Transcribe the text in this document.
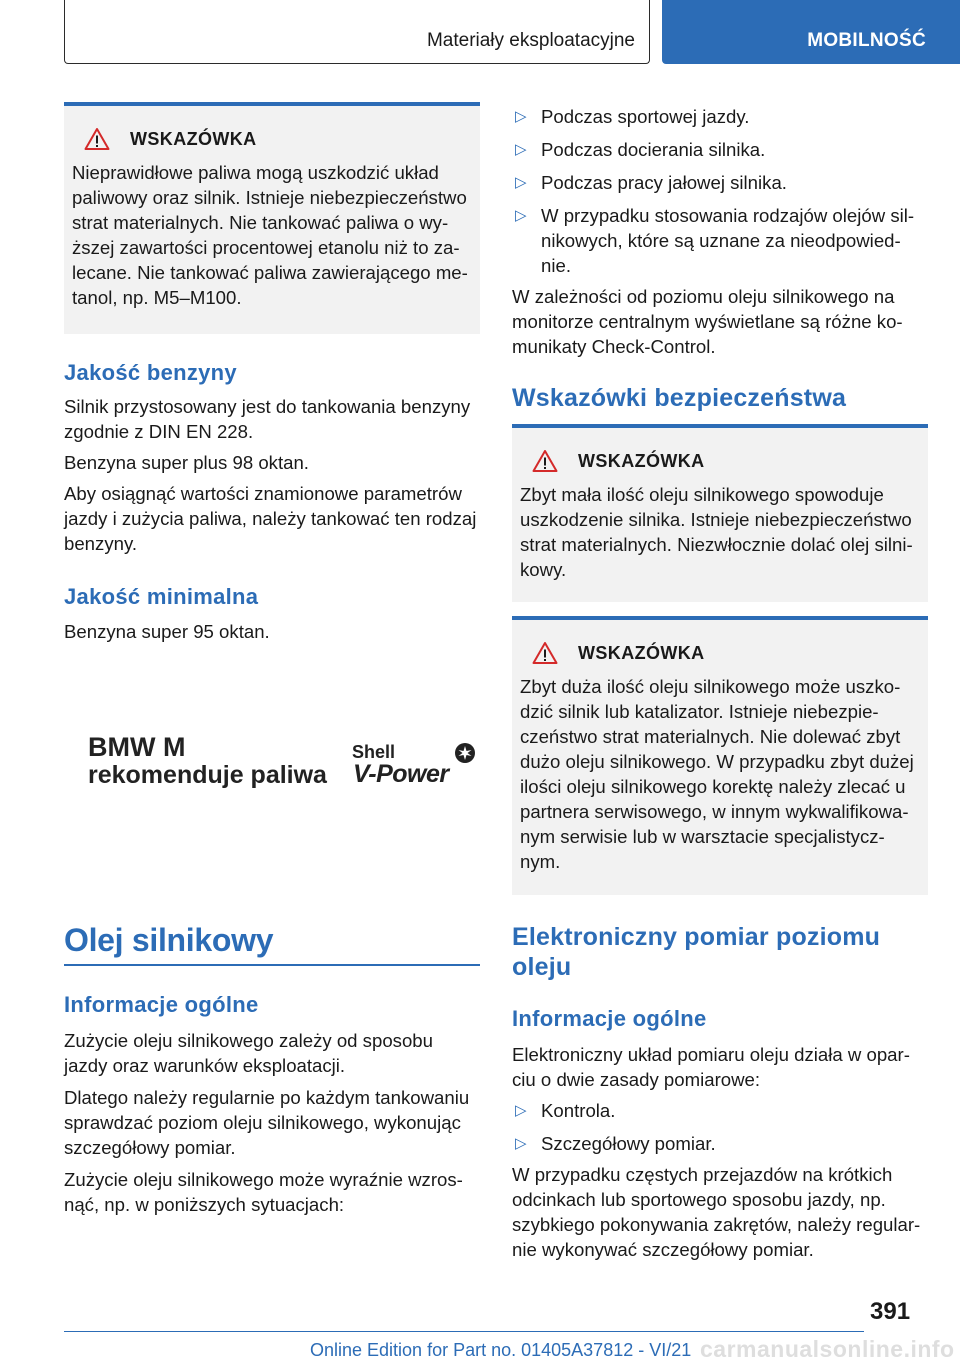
Materiały eksploatacyjne	MOBILNOŚĆ
WSKAZÓWKA

Nieprawidłowe paliwa mogą uszkodzić układ paliwowy oraz silnik. Istnieje niebezpieczeństwo strat materialnych. Nie tankować paliwa o wy-ższej zawartości procentowej etanolu niż to za-lecane. Nie tankować paliwa zawierającego me-tanol, np. M5–M100.

Jakość benzyny

Silnik przystosowany jest do tankowania benzyny zgodnie z DIN EN 228.

Benzyna super plus 98 oktan.

Aby osiągnąć wartości znamionowe parametrów jazdy i zużycia paliwa, należy tankować ten rodzaj benzyny.

Jakość minimalna

Benzyna super 95 oktan.

BMW M
rekomenduje paliwa
Shell
V-Power
Olej silnikowy
Informacje ogólne

Zużycie oleju silnikowego zależy od sposobu jazdy oraz warunków eksploatacji.

Dlatego należy regularnie po każdym tankowaniu sprawdzać poziom oleju silnikowego, wykonując szczegółowy pomiar.

Zużycie oleju silnikowego może wyraźnie wzros-nąć, np. w poniższych sytuacjach:

▷ Podczas sportowej jazdy.
▷ Podczas docierania silnika.
▷ Podczas pracy jałowej silnika.
▷ W przypadku stosowania rodzajów olejów sil-nikowych, które są uznane za nieodpowied-nie.

W zależności od poziomu oleju silnikowego na monitorze centralnym wyświetlane są różne ko-munikaty Check-Control.

Wskazówki bezpieczeństwa
WSKAZÓWKA

Zbyt mała ilość oleju silnikowego spowoduje uszkodzenie silnika. Istnieje niebezpieczeństwo strat materialnych. Niezwłocznie dolać olej silni-kowy.

WSKAZÓWKA

Zbyt duża ilość oleju silnikowego może uszko-dzić silnik lub katalizator. Istnieje niebezpie-czeństwo strat materialnych. Nie dolewać zbyt dużo oleju silnikowego. W przypadku zbyt dużej ilości oleju silnikowego korektę należy zlecać u partnera serwisowego, w innym wykwalifikowa-nym serwisie lub w warsztacie specjalistycz-nym.

Elektroniczny pomiar poziomu oleju
Informacje ogólne

Elektroniczny układ pomiaru oleju działa w opar-ciu o dwie zasady pomiarowe:

▷ Kontrola.
▷ Szczegółowy pomiar.

W przypadku częstych przejazdów na krótkich odcinkach lub sportowego sposobu jazdy, np. szybkiego pokonywania zakrętów, należy regular-nie wykonywać szczegółowy pomiar.

391
Online Edition for Part no. 01405A37812 - VI/21 carmanualsonline.info
